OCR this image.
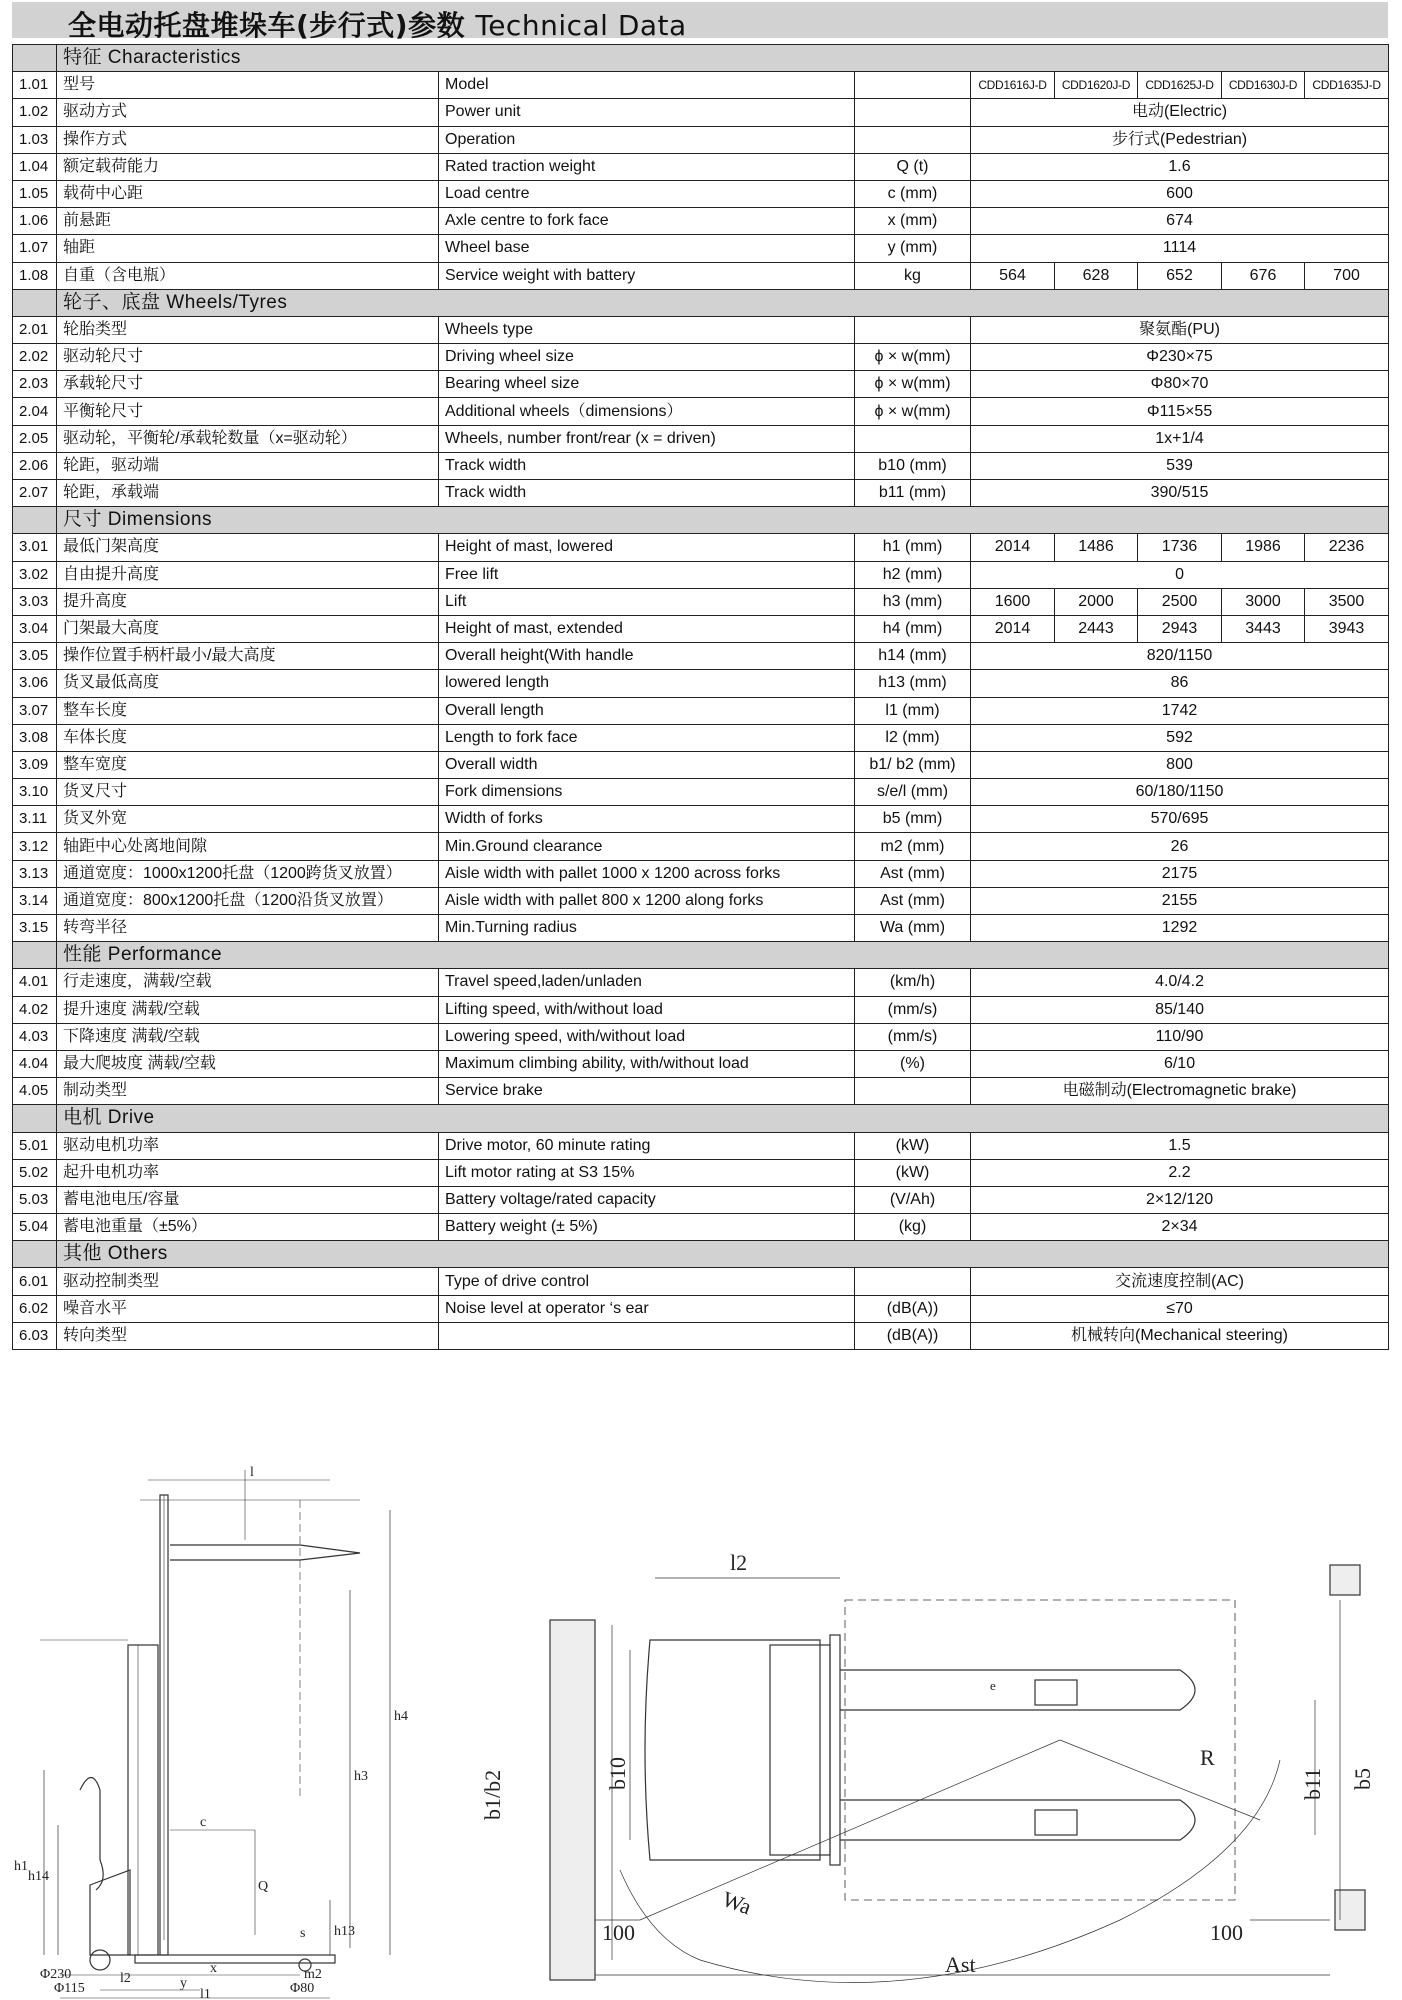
全电动托盘堆垛车(步行式)参数 Technical Data
	特征 Characteristics							
1.01	型号	Model		CDD1616J-D	CDD1620J-D	CDD1625J-D	CDD1630J-D	CDD1635J-D
1.02	驱动方式	Power unit		电动(Electric)				
1.03	操作方式	Operation		步行式(Pedestrian)				
1.04	额定载荷能力	Rated traction weight	Q (t)	1.6				
1.05	载荷中心距	Load centre	c (mm)	600				
1.06	前悬距	Axle centre to fork face	x (mm)	674				
1.07	轴距	Wheel base	y (mm)	1114				
1.08	自重（含电瓶）	Service weight with battery	kg	564	628	652	676	700
	轮子、底盘 Wheels/Tyres							
2.01	轮胎类型	Wheels type		聚氨酯(PU)				
2.02	驱动轮尺寸	Driving wheel size	ϕ × w(mm)	Φ230×75				
2.03	承载轮尺寸	Bearing wheel size	ϕ × w(mm)	Φ80×70				
2.04	平衡轮尺寸	Additional wheels（dimensions）	ϕ × w(mm)	Φ115×55				
2.05	驱动轮，平衡轮/承载轮数量（x=驱动轮）	Wheels, number front/rear (x = driven)		1x+1/4				
2.06	轮距，驱动端	Track width	b10 (mm)	539				
2.07	轮距，承载端	Track width	b11 (mm)	390/515				
	尺寸 Dimensions							
3.01	最低门架高度	Height of mast, lowered	h1 (mm)	2014	1486	1736	1986	2236
3.02	自由提升高度	Free lift	h2 (mm)	0				
3.03	提升高度	Lift	h3 (mm)	1600	2000	2500	3000	3500
3.04	门架最大高度	Height of mast, extended	h4 (mm)	2014	2443	2943	3443	3943
3.05	操作位置手柄杆最小/最大高度	Overall height(With handle	h14 (mm)	820/1150				
3.06	货叉最低高度	lowered length	h13 (mm)	86				
3.07	整车长度	Overall length	l1 (mm)	1742				
3.08	车体长度	Length to fork face	l2 (mm)	592				
3.09	整车宽度	Overall width	b1/ b2 (mm)	800				
3.10	货叉尺寸	Fork dimensions	s/e/l (mm)	60/180/1150				
3.11	货叉外宽	Width of forks	b5 (mm)	570/695				
3.12	轴距中心处离地间隙	Min.Ground clearance	m2 (mm)	26				
3.13	通道宽度：1000x1200托盘（1200跨货叉放置）	Aisle width with pallet 1000 x 1200 across forks	Ast (mm)	2175				
3.14	通道宽度：800x1200托盘（1200沿货叉放置）	Aisle width with pallet 800 x 1200 along forks	Ast (mm)	2155				
3.15	转弯半径	Min.Turning radius	Wa (mm)	1292				
	性能 Performance							
4.01	行走速度，满载/空载	Travel speed,laden/unladen	(km/h)	4.0/4.2				
4.02	提升速度 满载/空载	Lifting speed, with/without load	(mm/s)	85/140				
4.03	下降速度 满载/空载	Lowering speed, with/without load	(mm/s)	110/90				
4.04	最大爬坡度 满载/空载	Maximum climbing ability, with/without load	(%)	6/10				
4.05	制动类型	Service brake		电磁制动(Electromagnetic brake)				
	电机 Drive							
5.01	驱动电机功率	Drive motor, 60 minute rating	(kW)	1.5				
5.02	起升电机功率	Lift motor rating at S3 15%	(kW)	2.2				
5.03	蓄电池电压/容量	Battery voltage/rated capacity	(V/Ah)	2×12/120				
5.04	蓄电池重量（±5%）	Battery weight (± 5%)	(kg)	2×34				
	其他 Others							
6.01	驱动控制类型	Type of drive control		交流速度控制(AC)				
6.02	噪音水平	Noise level at operator ‘s ear	(dB(A))	≤70				
6.03	转向类型		(dB(A))	机械转向(Mechanical steering)				
l
h4
h3
h1
h14
c
Q
s h13
Φ230
Φ115
m2
x
y
l2
l1	Φ80
l2
b1/b2	b10
e
R
b11 b5
Wa
100	100
Ast
